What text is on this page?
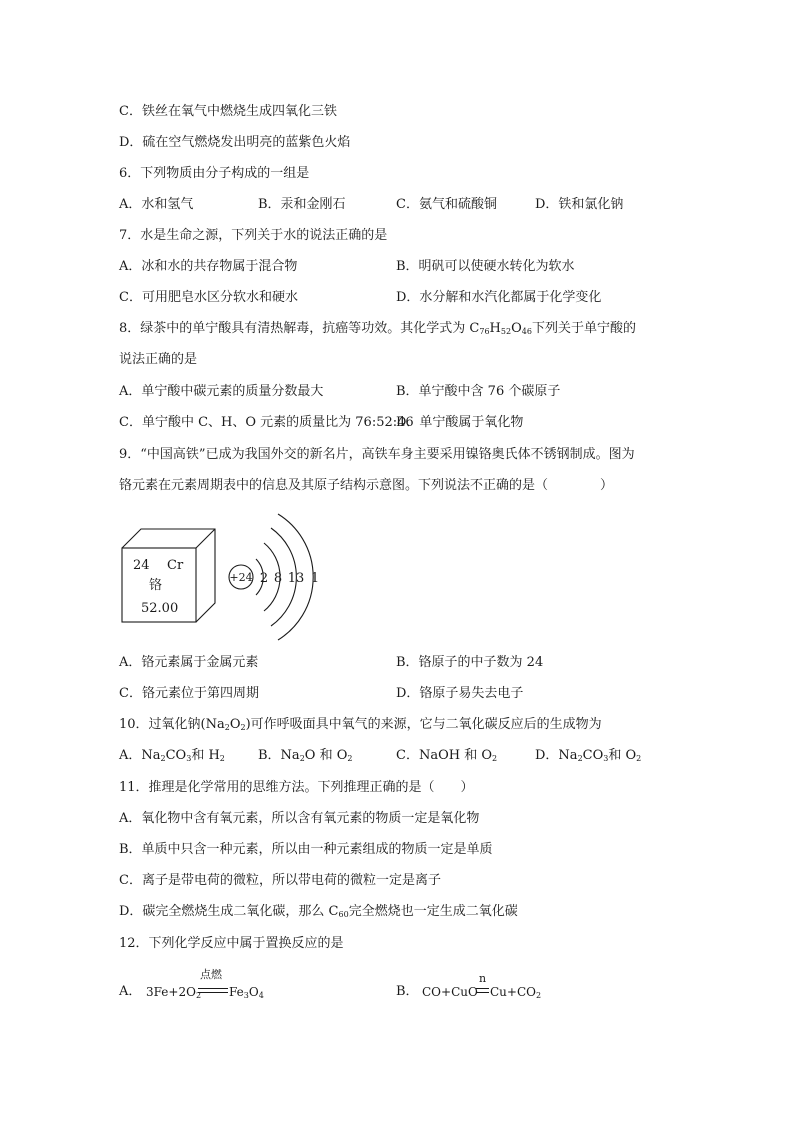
C．铁丝在氧气中燃烧生成四氧化三铁
D．硫在空气燃烧发出明亮的蓝紫色火焰
6．下列物质由分子构成的一组是
A．水和氢气	B．汞和金刚石	C．氨气和硫酸铜	D．铁和氯化钠
7．水是生命之源，下列关于水的说法正确的是
A．冰和水的共存物属于混合物	B．明矾可以使硬水转化为软水
C．可用肥皂水区分软水和硬水	D．水分解和水汽化都属于化学变化
8．绿茶中的单宁酸具有清热解毒，抗癌等功效。其化学式为 $C_{76}H_{52}O_{46}$下列关于单宁酸的
说法正确的是
A．单宁酸中碳元素的质量分数最大	B．单宁酸中含 76 个碳原子
C．单宁酸中 C、H、O 元素的质量比为 76:52:46
D．单宁酸属于氧化物
9．“中国高铁”已成为我国外交的新名片，高铁车身主要采用镍铬奥氏体不锈钢制成。图为
铬元素在元素周期表中的信息及其原子结构示意图。下列说法不正确的是（　　　　）
24 Cr
铬
52.00
+24 2 8 13 1
A．铬元素属于金属元素	B．铬原子的中子数为 24
C．铬元素位于第四周期	D．铬原子易失去电子
10．过氧化钠$(Na_2O_2)$可作呼吸面具中氧气的来源，它与二氧化碳反应后的生成物为
A．$Na_2CO_3$和 $H_2$	B．$Na_2O$ 和 $O_2$	C．NaOH 和 $O_2$	D．$Na_2CO_3$和 $O_2$
11．推理是化学常用的思维方法。下列推理正确的是（　　）
A．氧化物中含有氧元素，所以含有氧元素的物质一定是氧化物
B．单质中只含一种元素，所以由一种元素组成的物质一定是单质
C．离子是带电荷的微粒，所以带电荷的微粒一定是离子
D．碳完全燃烧生成二氧化碳，那么 $C_{60}$完全燃烧也一定生成二氧化碳
12．下列化学反应中属于置换反应的是
A． $3Fe+2O_2$
点燃
$Fe_3O_4$	B． CO+CuO
n
$Cu+CO_2$
